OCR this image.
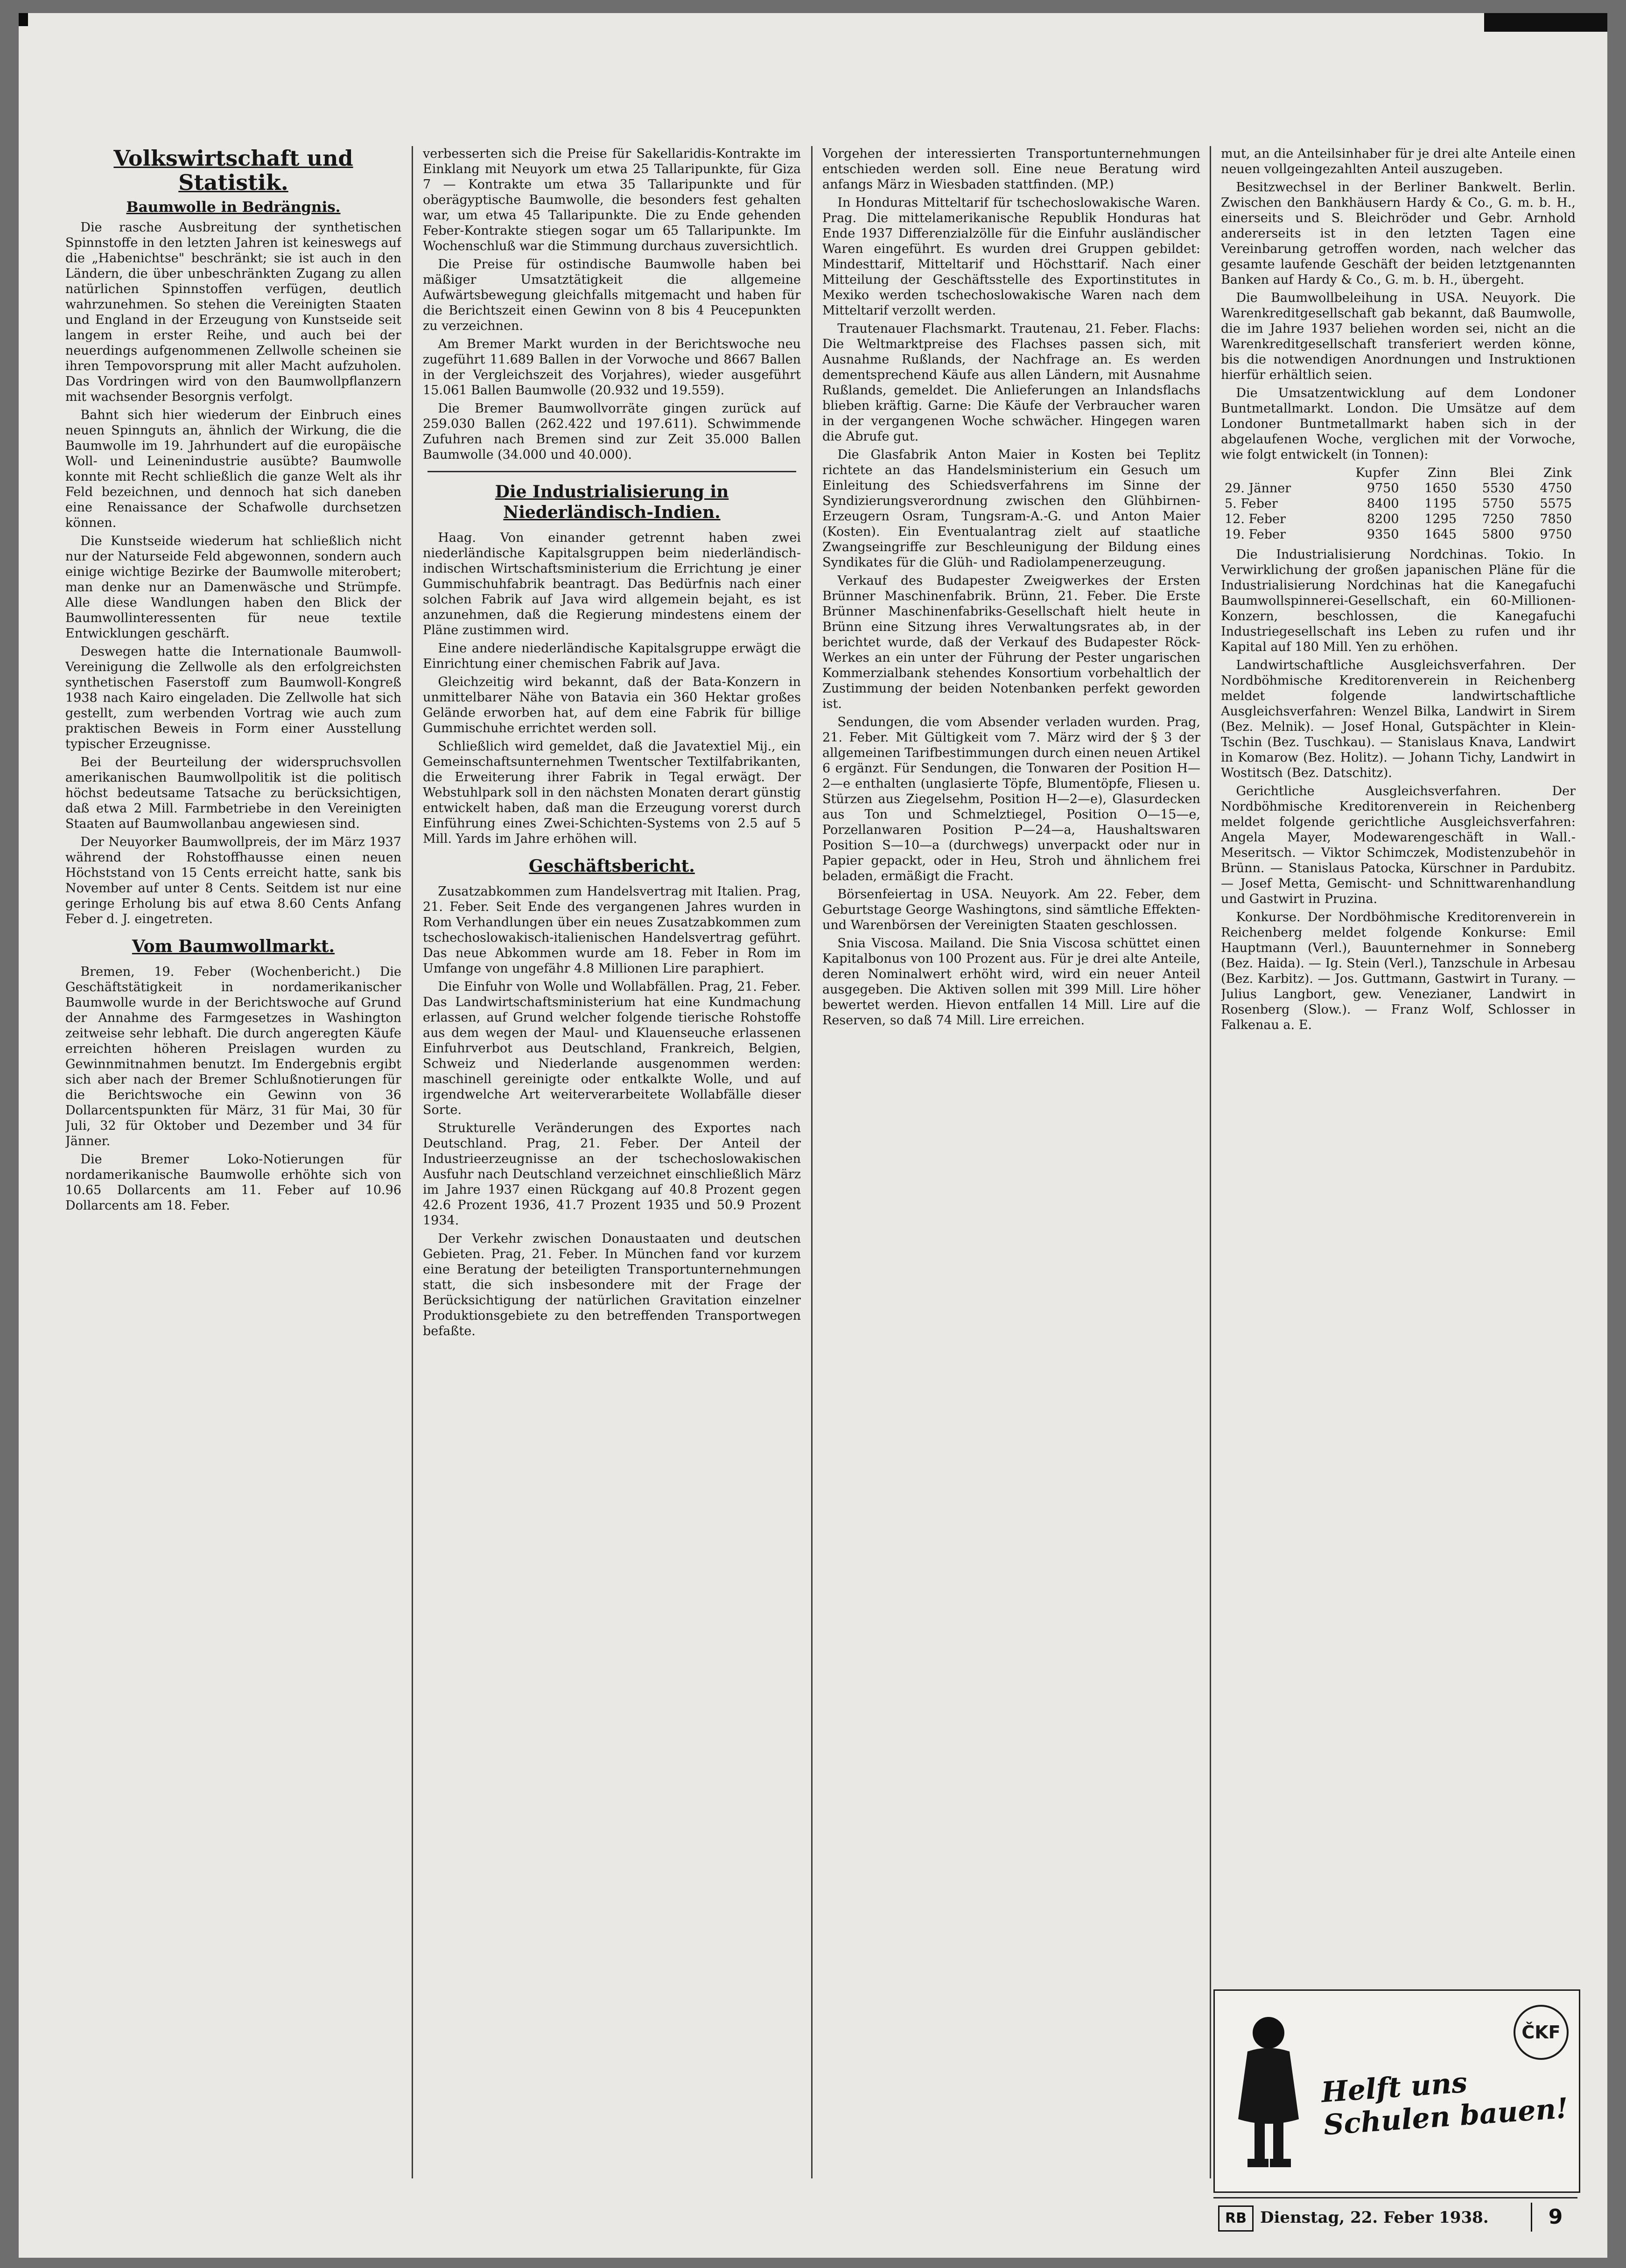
Volkswirtschaft und Statistik.
Baumwolle in Bedrängnis.

Die rasche Ausbreitung der synthetischen Spinnstoffe in den letzten Jahren ist keineswegs auf die „Habenichtse" beschränkt; sie ist auch in den Ländern, die über unbeschränkten Zugang zu allen natürlichen Spinnstoffen verfügen, deutlich wahrzunehmen. So stehen die Vereinigten Staaten und England in der Erzeugung von Kunstseide seit langem in erster Reihe, und auch bei der neuerdings aufgenommenen Zellwolle scheinen sie ihren Tempovorsprung mit aller Macht aufzuholen. Das Vordringen wird von den Baumwollpflanzern mit wachsender Besorgnis verfolgt.

Bahnt sich hier wiederum der Einbruch eines neuen Spinnguts an, ähnlich der Wirkung, die die Baumwolle im 19. Jahrhundert auf die europäische Woll- und Leinenindustrie ausübte? Baumwolle konnte mit Recht schließlich die ganze Welt als ihr Feld bezeichnen, und dennoch hat sich daneben eine Renaissance der Schafwolle durchsetzen können.

Die Kunstseide wiederum hat schließlich nicht nur der Naturseide Feld abgewonnen, sondern auch einige wichtige Bezirke der Baumwolle miterobert; man denke nur an Damenwäsche und Strümpfe. Alle diese Wandlungen haben den Blick der Baumwollinteressenten für neue textile Entwicklungen geschärft.

Deswegen hatte die Internationale Baumwoll-Vereinigung die Zellwolle als den erfolgreichsten synthetischen Faserstoff zum Baumwoll-Kongreß 1938 nach Kairo eingeladen. Die Zellwolle hat sich gestellt, zum werbenden Vortrag wie auch zum praktischen Beweis in Form einer Ausstellung typischer Erzeugnisse.

Bei der Beurteilung der widerspruchsvollen amerikanischen Baumwollpolitik ist die politisch höchst bedeutsame Tatsache zu berücksichtigen, daß etwa 2 Mill. Farmbetriebe in den Vereinigten Staaten auf Baumwollanbau angewiesen sind.

Der Neuyorker Baumwollpreis, der im März 1937 während der Rohstoffhausse einen neuen Höchststand von 15 Cents erreicht hatte, sank bis November auf unter 8 Cents. Seitdem ist nur eine geringe Erholung bis auf etwa 8.60 Cents Anfang Feber d. J. eingetreten.

Vom Baumwollmarkt.

Bremen, 19. Feber (Wochenbericht.) Die Geschäftstätigkeit in nordamerikanischer Baumwolle wurde in der Berichtswoche auf Grund der Annahme des Farmgesetzes in Washington zeitweise sehr lebhaft. Die durch angeregten Käufe erreichten höheren Preislagen wurden zu Gewinnmitnahmen benutzt. Im Endergebnis ergibt sich aber nach der Bremer Schlußnotierungen für die Berichtswoche ein Gewinn von 36 Dollarcentspunkten für März, 31 für Mai, 30 für Juli, 32 für Oktober und Dezember und 34 für Jänner.

Die Bremer Loko-Notierungen für nordamerikanische Baumwolle erhöhte sich von 10.65 Dollarcents am 11. Feber auf 10.96 Dollarcents am 18. Feber.

verbesserten sich die Preise für Sakellaridis-Kontrakte im Einklang mit Neuyork um etwa 25 Tallaripunkte, für Giza 7 — Kontrakte um etwa 35 Tallaripunkte und für oberägyptische Baumwolle, die besonders fest gehalten war, um etwa 45 Tallaripunkte. Die zu Ende gehenden Feber-Kontrakte stiegen sogar um 65 Tallaripunkte. Im Wochenschluß war die Stimmung durchaus zuversichtlich.

Die Preise für ostindische Baumwolle haben bei mäßiger Umsatztätigkeit die allgemeine Aufwärtsbewegung gleichfalls mitgemacht und haben für die Berichtszeit einen Gewinn von 8 bis 4 Peucepunkten zu verzeichnen.

Am Bremer Markt wurden in der Berichtswoche neu zugeführt 11.689 Ballen in der Vorwoche und 8667 Ballen in der Vergleichszeit des Vorjahres), wieder ausgeführt 15.061 Ballen Baumwolle (20.932 und 19.559).

Die Bremer Baumwollvorräte gingen zurück auf 259.030 Ballen (262.422 und 197.611). Schwimmende Zufuhren nach Bremen sind zur Zeit 35.000 Ballen Baumwolle (34.000 und 40.000).

Die Industrialisierung in Niederländisch-Indien.

Haag. Von einander getrennt haben zwei niederländische Kapitalsgruppen beim niederländisch-indischen Wirtschaftsministerium die Errichtung je einer Gummischuhfabrik beantragt. Das Bedürfnis nach einer solchen Fabrik auf Java wird allgemein bejaht, es ist anzunehmen, daß die Regierung mindestens einem der Pläne zustimmen wird.

Eine andere niederländische Kapitalsgruppe erwägt die Einrichtung einer chemischen Fabrik auf Java.

Gleichzeitig wird bekannt, daß der Bata-Konzern in unmittelbarer Nähe von Batavia ein 360 Hektar großes Gelände erworben hat, auf dem eine Fabrik für billige Gummischuhe errichtet werden soll.

Schließlich wird gemeldet, daß die Javatextiel Mij., ein Gemeinschaftsunternehmen Twentscher Textilfabrikanten, die Erweiterung ihrer Fabrik in Tegal erwägt. Der Webstuhlpark soll in den nächsten Monaten derart günstig entwickelt haben, daß man die Erzeugung vorerst durch Einführung eines Zwei-Schichten-Systems von 2.5 auf 5 Mill. Yards im Jahre erhöhen will.

Geschäftsbericht.

Zusatzabkommen zum Handelsvertrag mit Italien. Prag, 21. Feber. Seit Ende des vergangenen Jahres wurden in Rom Verhandlungen über ein neues Zusatzabkommen zum tschechoslowakisch-italienischen Handelsvertrag geführt. Das neue Abkommen wurde am 18. Feber in Rom im Umfange von ungefähr 4.8 Millionen Lire paraphiert.

Die Einfuhr von Wolle und Wollabfällen. Prag, 21. Feber. Das Landwirtschaftsministerium hat eine Kundmachung erlassen, auf Grund welcher folgende tierische Rohstoffe aus dem wegen der Maul- und Klauenseuche erlassenen Einfuhrverbot aus Deutschland, Frankreich, Belgien, Schweiz und Niederlande ausgenommen werden: maschinell gereinigte oder entkalkte Wolle, und auf irgendwelche Art weiterverarbeitete Wollabfälle dieser Sorte.

Strukturelle Veränderungen des Exportes nach Deutschland. Prag, 21. Feber. Der Anteil der Industrieerzeugnisse an der tschechoslowakischen Ausfuhr nach Deutschland verzeichnet einschließlich März im Jahre 1937 einen Rückgang auf 40.8 Prozent gegen 42.6 Prozent 1936, 41.7 Prozent 1935 und 50.9 Prozent 1934.

Der Verkehr zwischen Donaustaaten und deutschen Gebieten. Prag, 21. Feber. In München fand vor kurzem eine Beratung der beteiligten Transportunternehmungen statt, die sich insbesondere mit der Frage der Berücksichtigung der natürlichen Gravitation einzelner Produktionsgebiete zu den betreffenden Transportwegen befaßte.

Vorgehen der interessierten Transportunternehmungen entschieden werden soll. Eine neue Beratung wird anfangs März in Wiesbaden stattfinden. (MP.)

In Honduras Mitteltarif für tschechoslowakische Waren. Prag. Die mittelamerikanische Republik Honduras hat Ende 1937 Differenzialzölle für die Einfuhr ausländischer Waren eingeführt. Es wurden drei Gruppen gebildet: Mindesttarif, Mitteltarif und Höchsttarif. Nach einer Mitteilung der Geschäftsstelle des Exportinstitutes in Mexiko werden tschechoslowakische Waren nach dem Mitteltarif verzollt werden.

Trautenauer Flachsmarkt. Trautenau, 21. Feber. Flachs: Die Weltmarktpreise des Flachses passen sich, mit Ausnahme Rußlands, der Nachfrage an. Es werden dementsprechend Käufe aus allen Ländern, mit Ausnahme Rußlands, gemeldet. Die Anlieferungen an Inlandsflachs blieben kräftig. Garne: Die Käufe der Verbraucher waren in der vergangenen Woche schwächer. Hingegen waren die Abrufe gut.

Die Glasfabrik Anton Maier in Kosten bei Teplitz richtete an das Handelsministerium ein Gesuch um Einleitung des Schiedsverfahrens im Sinne der Syndizierungsverordnung zwischen den Glühbirnen-Erzeugern Osram, Tungsram-A.-G. und Anton Maier (Kosten). Ein Eventualantrag zielt auf staatliche Zwangseingriffe zur Beschleunigung der Bildung eines Syndikates für die Glüh- und Radiolampenerzeugung.

Verkauf des Budapester Zweigwerkes der Ersten Brünner Maschinenfabrik. Brünn, 21. Feber. Die Erste Brünner Maschinenfabriks-Gesellschaft hielt heute in Brünn eine Sitzung ihres Verwaltungsrates ab, in der berichtet wurde, daß der Verkauf des Budapester Röck-Werkes an ein unter der Führung der Pester ungarischen Kommerzialbank stehendes Konsortium vorbehaltlich der Zustimmung der beiden Notenbanken perfekt geworden ist.

Sendungen, die vom Absender verladen wurden. Prag, 21. Feber. Mit Gültigkeit vom 7. März wird der § 3 der allgemeinen Tarifbestimmungen durch einen neuen Artikel 6 ergänzt. Für Sendungen, die Tonwaren der Position H—2—e enthalten (unglasierte Töpfe, Blumentöpfe, Fliesen u. Stürzen aus Ziegelsehm, Position H—2—e), Glasurdecken aus Ton und Schmelztiegel, Position O—15—e, Porzellanwaren Position P—24—a, Haushaltswaren Position S—10—a (durchwegs) unverpackt oder nur in Papier gepackt, oder in Heu, Stroh und ähnlichem frei beladen, ermäßigt die Fracht.

Börsenfeiertag in USA. Neuyork. Am 22. Feber, dem Geburtstage George Washingtons, sind sämtliche Effekten- und Warenbörsen der Vereinigten Staaten geschlossen.

Snia Viscosa. Mailand. Die Snia Viscosa schüttet einen Kapitalbonus von 100 Prozent aus. Für je drei alte Anteile, deren Nominalwert erhöht wird, wird ein neuer Anteil ausgegeben. Die Aktiven sollen mit 399 Mill. Lire höher bewertet werden. Hievon entfallen 14 Mill. Lire auf die Reserven, so daß 74 Mill. Lire erreichen.

mut, an die Anteilsinhaber für je drei alte Anteile einen neuen vollgeingezahlten Anteil auszugeben.

Besitzwechsel in der Berliner Bankwelt. Berlin. Zwischen den Bankhäusern Hardy & Co., G. m. b. H., einerseits und S. Bleichröder und Gebr. Arnhold andererseits ist in den letzten Tagen eine Vereinbarung getroffen worden, nach welcher das gesamte laufende Geschäft der beiden letztgenannten Banken auf Hardy & Co., G. m. b. H., übergeht.

Die Baumwollbeleihung in USA. Neuyork. Die Warenkreditgesellschaft gab bekannt, daß Baumwolle, die im Jahre 1937 beliehen worden sei, nicht an die Warenkreditgesellschaft transferiert werden könne, bis die notwendigen Anordnungen und Instruktionen hierfür erhältlich seien.

Die Umsatzentwicklung auf dem Londoner Buntmetallmarkt. London. Die Umsätze auf dem Londoner Buntmetallmarkt haben sich in der abgelaufenen Woche, verglichen mit der Vorwoche, wie folgt entwickelt (in Tonnen):

	Kupfer	Zinn	Blei	Zink
29. Jänner	9750	1650	5530	4750
5. Feber	8400	1195	5750	5575
12. Feber	8200	1295	7250	7850
19. Feber	9350	1645	5800	9750

Die Industrialisierung Nordchinas. Tokio. In Verwirklichung der großen japanischen Pläne für die Industrialisierung Nordchinas hat die Kanegafuchi Baumwollspinnerei-Gesellschaft, ein 60-Millionen-Konzern, beschlossen, die Kanegafuchi Industriegesellschaft ins Leben zu rufen und ihr Kapital auf 180 Mill. Yen zu erhöhen.

Landwirtschaftliche Ausgleichsverfahren. Der Nordböhmische Kreditorenverein in Reichenberg meldet folgende landwirtschaftliche Ausgleichsverfahren: Wenzel Bilka, Landwirt in Sirem (Bez. Melnik). — Josef Honal, Gutspächter in Klein-Tschin (Bez. Tuschkau). — Stanislaus Knava, Landwirt in Komarow (Bez. Holitz). — Johann Tichy, Landwirt in Wostitsch (Bez. Datschitz).

Gerichtliche Ausgleichsverfahren. Der Nordböhmische Kreditorenverein in Reichenberg meldet folgende gerichtliche Ausgleichsverfahren: Angela Mayer, Modewarengeschäft in Wall.-Meseritsch. — Viktor Schimczek, Modistenzubehör in Brünn. — Stanislaus Patocka, Kürschner in Pardubitz. — Josef Metta, Gemischt- und Schnittwarenhandlung und Gastwirt in Pruzina.

Konkurse. Der Nordböhmische Kreditorenverein in Reichenberg meldet folgende Konkurse: Emil Hauptmann (Verl.), Bauunternehmer in Sonneberg (Bez. Haida). — Ig. Stein (Verl.), Tanzschule in Arbesau (Bez. Karbitz). — Jos. Guttmann, Gastwirt in Turany. — Julius Langbort, gew. Venezianer, Landwirt in Rosenberg (Slow.). — Franz Wolf, Schlosser in Falkenau a. E.

ČKF
Helft uns Schulen bauen!
RB Dienstag, 22. Feber 1938.	9
